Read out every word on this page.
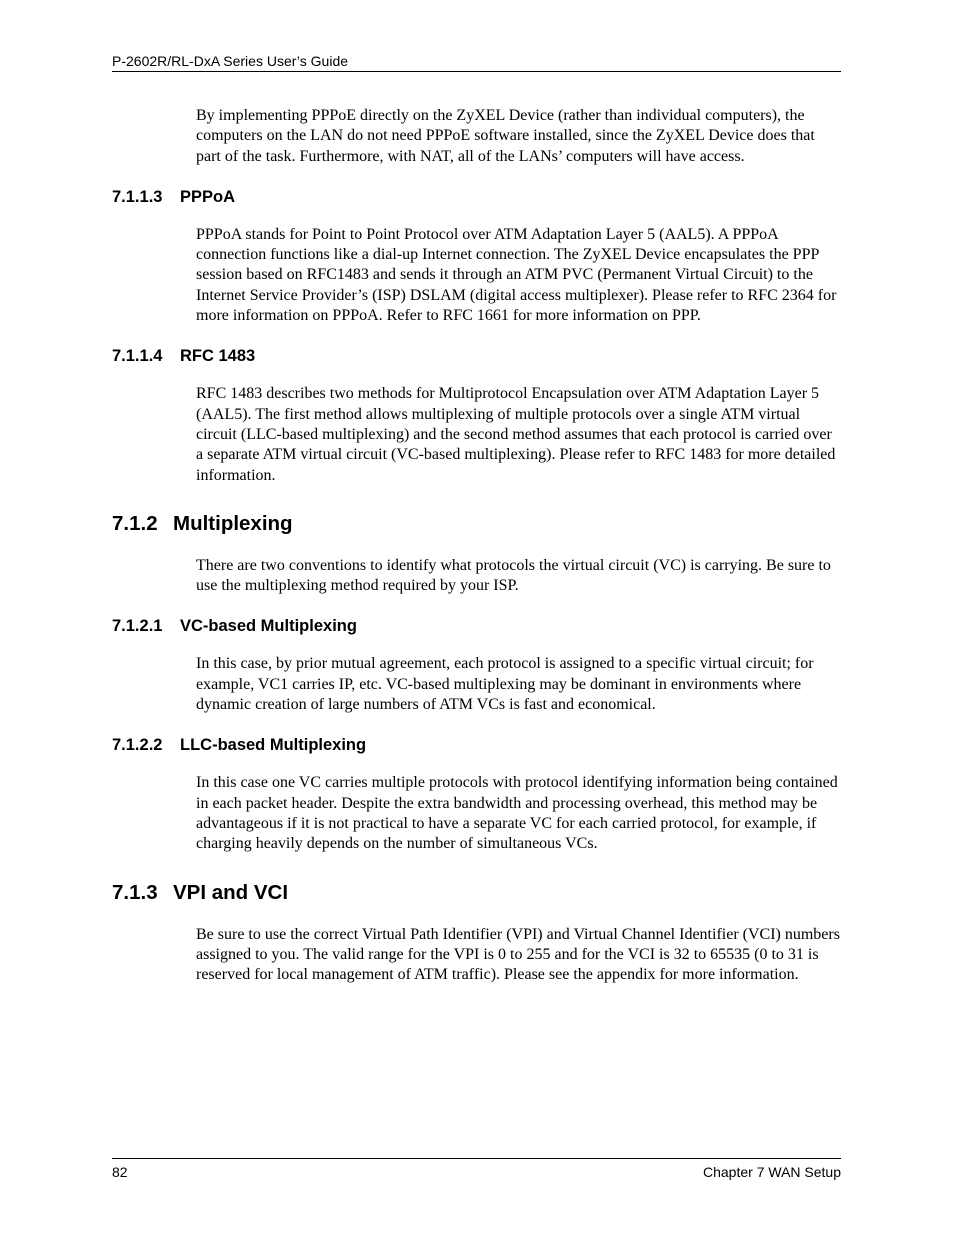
P-2602R/RL-DxA Series User’s Guide

By implementing PPPoE directly on the ZyXEL Device (rather than individual computers), the computers on the LAN do not need PPPoE software installed, since the ZyXEL Device does that part of the task. Furthermore, with NAT, all of the LANs’ computers will have access.

7.1.1.3 PPPoA

PPPoA stands for Point to Point Protocol over ATM Adaptation Layer 5 (AAL5). A PPPoA connection functions like a dial-up Internet connection. The ZyXEL Device encapsulates the PPP session based on RFC1483 and sends it through an ATM PVC (Permanent Virtual Circuit) to the Internet Service Provider’s (ISP) DSLAM (digital access multiplexer). Please refer to RFC 2364 for more information on PPPoA. Refer to RFC 1661 for more information on PPP.

7.1.1.4 RFC 1483

RFC 1483 describes two methods for Multiprotocol Encapsulation over ATM Adaptation Layer 5 (AAL5). The first method allows multiplexing of multiple protocols over a single ATM virtual circuit (LLC-based multiplexing) and the second method assumes that each protocol is carried over a separate ATM virtual circuit (VC-based multiplexing). Please refer to RFC 1483 for more detailed information.

7.1.2 Multiplexing

There are two conventions to identify what protocols the virtual circuit (VC) is carrying. Be sure to use the multiplexing method required by your ISP.

7.1.2.1 VC-based Multiplexing

In this case, by prior mutual agreement, each protocol is assigned to a specific virtual circuit; for example, VC1 carries IP, etc. VC-based multiplexing may be dominant in environments where dynamic creation of large numbers of ATM VCs is fast and economical.

7.1.2.2 LLC-based Multiplexing

In this case one VC carries multiple protocols with protocol identifying information being contained in each packet header. Despite the extra bandwidth and processing overhead, this method may be advantageous if it is not practical to have a separate VC for each carried protocol, for example, if charging heavily depends on the number of simultaneous VCs.

7.1.3 VPI and VCI

Be sure to use the correct Virtual Path Identifier (VPI) and Virtual Channel Identifier (VCI) numbers assigned to you. The valid range for the VPI is 0 to 255 and for the VCI is 32 to 65535 (0 to 31 is reserved for local management of ATM traffic). Please see the appendix for more information.

82	Chapter 7 WAN Setup
